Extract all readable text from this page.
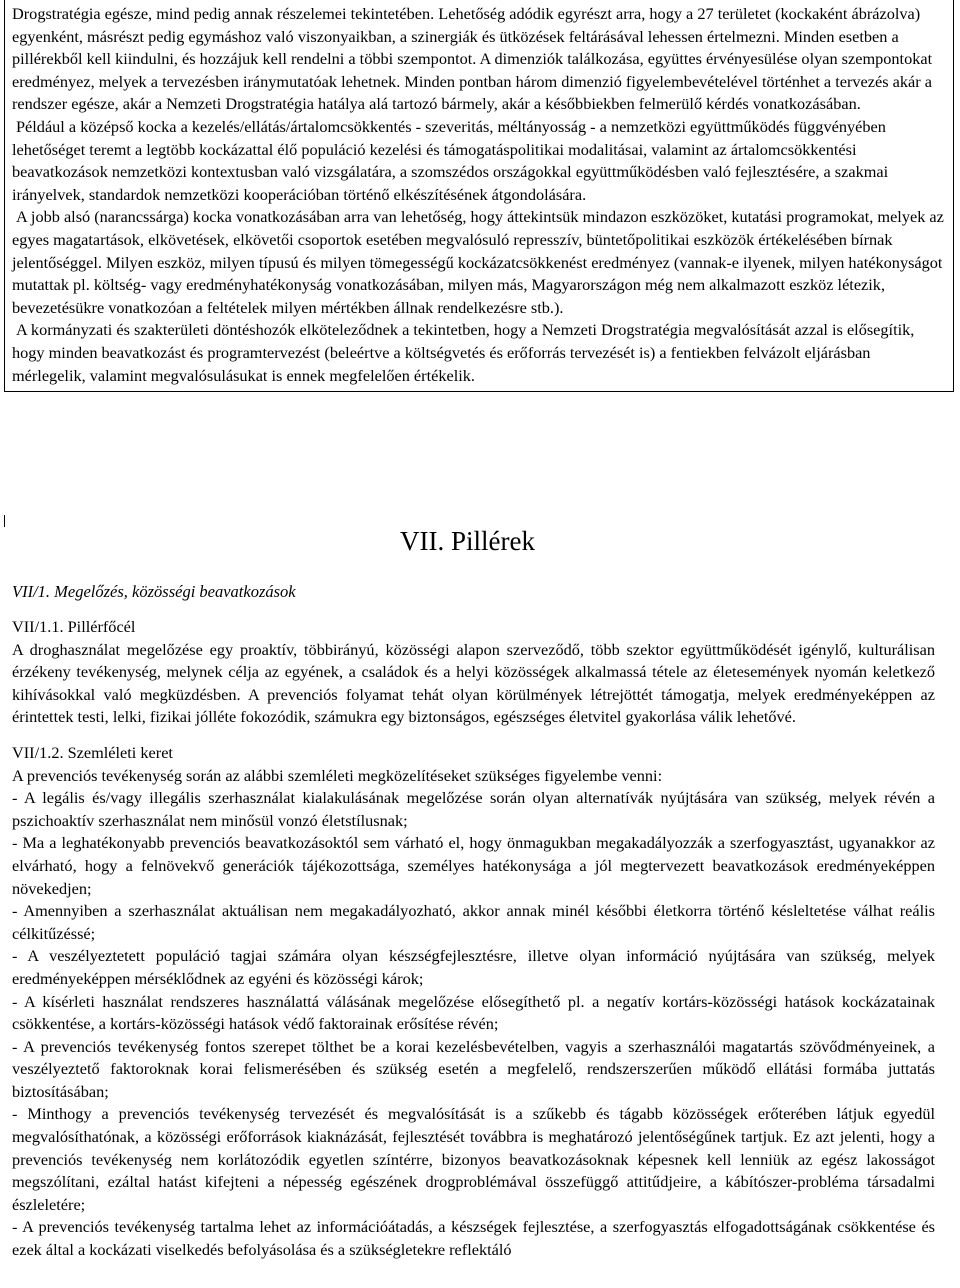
Drogstratégia egésze, mind pedig annak részelemei tekintetében. Lehetőség adódik egyrészt arra, hogy a 27 területet (kockaként ábrázolva) egyenként, másrészt pedig egymáshoz való viszonyaikban, a szinergiák és ütközések feltárásával lehessen értelmezni. Minden esetben a pillérekből kell kiindulni, és hozzájuk kell rendelni a többi szempontot. A dimenziók találkozása, együttes érvényesülése olyan szempontokat eredményez, melyek a tervezésben iránymutatóak lehetnek. Minden pontban három dimenzió figyelembevételével történhet a tervezés akár a rendszer egésze, akár a Nemzeti Drogstratégia hatálya alá tartozó bármely, akár a későbbiekben felmerülő kérdés vonatkozásában.

Például a középső kocka a kezelés/ellátás/ártalomcsökkentés - szeveritás, méltányosság - a nemzetközi együttműködés függvényében lehetőséget teremt a legtöbb kockázattal élő populáció kezelési és támogatáspolitikai modalitásai, valamint az ártalomcsökkentési beavatkozások nemzetközi kontextusban való vizsgálatára, a szomszédos országokkal együttműködésben való fejlesztésére, a szakmai irányelvek, standardok nemzetközi kooperációban történő elkészítésének átgondolására.

A jobb alsó (narancssárga) kocka vonatkozásában arra van lehetőség, hogy áttekintsük mindazon eszközöket, kutatási programokat, melyek az egyes magatartások, elkövetések, elkövetői csoportok esetében megvalósuló represszív, büntetőpolitikai eszközök értékelésében bírnak jelentőséggel. Milyen eszköz, milyen típusú és milyen tömegességű kockázatcsökkenést eredményez (vannak-e ilyenek, milyen hatékonyságot mutattak pl. költség- vagy eredményhatékonyság vonatkozásában, milyen más, Magyarországon még nem alkalmazott eszköz létezik, bevezetésükre vonatkozóan a feltételek milyen mértékben állnak rendelkezésre stb.).

A kormányzati és szakterületi döntéshozók elköteleződnek a tekintetben, hogy a Nemzeti Drogstratégia megvalósítását azzal is elősegítik, hogy minden beavatkozást és programtervezést (beleértve a költségvetés és erőforrás tervezését is) a fentiekben felvázolt eljárásban mérlegelik, valamint megvalósulásukat is ennek megfelelően értékelik.

VII. Pillérek
VII/1. Megelőzés, közösségi beavatkozások
VII/1.1. Pillérfőcél

A droghasználat megelőzése egy proaktív, többirányú, közösségi alapon szerveződő, több szektor együttműködését igénylő, kulturálisan érzékeny tevékenység, melynek célja az egyének, a családok és a helyi közösségek alkalmassá tétele az életesemények nyomán keletkező kihívásokkal való megküzdésben. A prevenciós folyamat tehát olyan körülmények létrejöttét támogatja, melyek eredményeképpen az érintettek testi, lelki, fizikai jólléte fokozódik, számukra egy biztonságos, egészséges életvitel gyakorlása válik lehetővé.

VII/1.2. Szemléleti keret

A prevenciós tevékenység során az alábbi szemléleti megközelítéseket szükséges figyelembe venni:

- A legális és/vagy illegális szerhasználat kialakulásának megelőzése során olyan alternatívák nyújtására van szükség, melyek révén a pszichoaktív szerhasználat nem minősül vonzó életstílusnak;

- Ma a leghatékonyabb prevenciós beavatkozásoktól sem várható el, hogy önmagukban megakadályozzák a szerfogyasztást, ugyanakkor az elvárható, hogy a felnövekvő generációk tájékozottsága, személyes hatékonysága a jól megtervezett beavatkozások eredményeképpen növekedjen;

- Amennyiben a szerhasználat aktuálisan nem megakadályozható, akkor annak minél későbbi életkorra történő késleltetése válhat reális célkitűzéssé;

- A veszélyeztetett populáció tagjai számára olyan készségfejlesztésre, illetve olyan információ nyújtására van szükség, melyek eredményeképpen mérséklődnek az egyéni és közösségi károk;

- A kísérleti használat rendszeres használattá válásának megelőzése elősegíthető pl. a negatív kortárs-közösségi hatások kockázatainak csökkentése, a kortárs-közösségi hatások védő faktorainak erősítése révén;

- A prevenciós tevékenység fontos szerepet tölthet be a korai kezelésbevételben, vagyis a szerhasználói magatartás szövődményeinek, a veszélyeztető faktoroknak korai felismerésében és szükség esetén a megfelelő, rendszerszerűen működő ellátási formába juttatás biztosításában;

- Minthogy a prevenciós tevékenység tervezését és megvalósítását is a szűkebb és tágabb közösségek erőterében látjuk egyedül megvalósíthatónak, a közösségi erőforrások kiaknázását, fejlesztését továbbra is meghatározó jelentőségűnek tartjuk. Ez azt jelenti, hogy a prevenciós tevékenység nem korlátozódik egyetlen színtérre, bizonyos beavatkozásoknak képesnek kell lenniük az egész lakosságot megszólítani, ezáltal hatást kifejteni a népesség egészének drogproblémával összefüggő attitűdjeire, a kábítószer-probléma társadalmi észleletére;

- A prevenciós tevékenység tartalma lehet az információátadás, a készségek fejlesztése, a szerfogyasztás elfogadottságának csökkentése és ezek által a kockázati viselkedés befolyásolása és a szükségletekre reflektáló
